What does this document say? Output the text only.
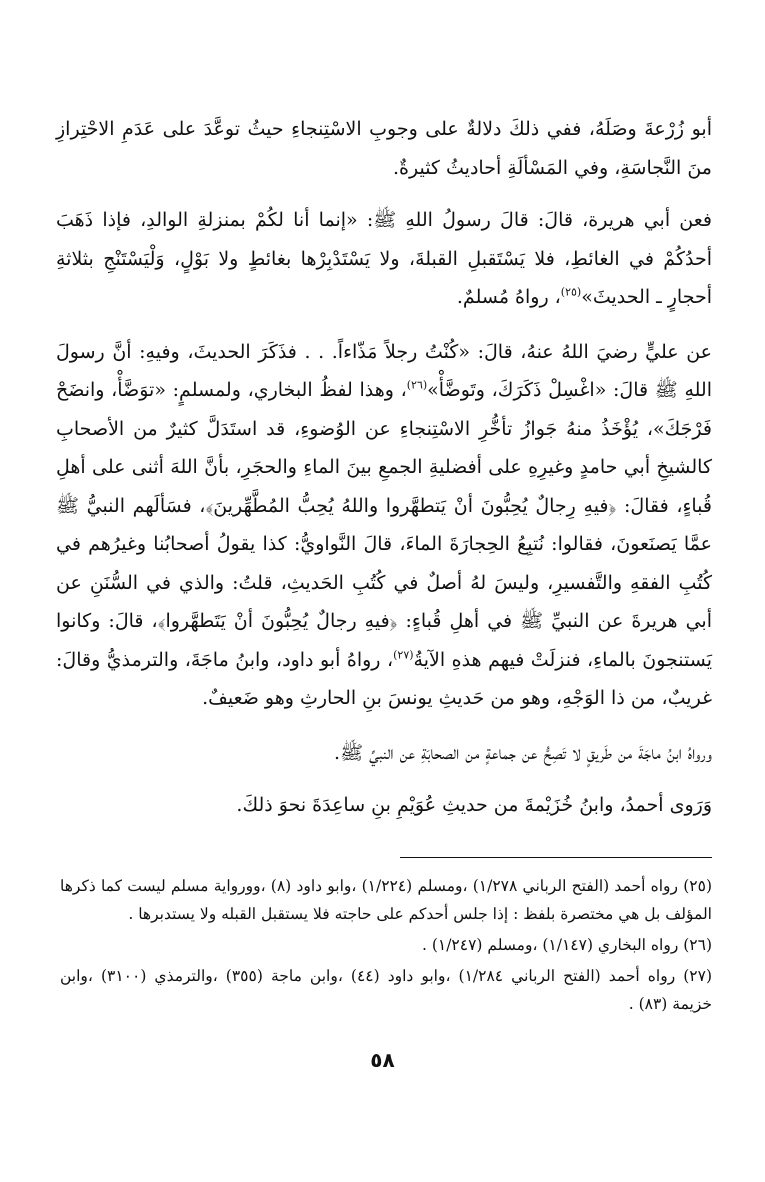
أبو زُرْعةَ وصَلَهُ، ففي ذلكَ دلالةٌ على وجوبِ الاسْتِنجاءِ حيثُ توعَّدَ على عَدَمِ الاحْتِرازِ منَ النَّجاسَةِ، وفي المَسْألَةِ أحاديثُ كثيرةٌ.

فعن أبي هريرة، قالَ: قالَ رسولُ اللهِ ﷺ: «إنما أنا لكُمْ بمنزلةِ الوالدِ، فإذا ذَهَبَ أحدُكُمْ في الغائطِ، فلا يَسْتَقبلِ القبلةَ، ولا يَسْتَدْبِرْها بغائطٍ ولا بَوْلٍ، وَلْيَسْتَنْجِ بثلاثةِ أحجارٍ ـ الحديثَ»$^{(٢٥)}$، رواهُ مُسلمٌ.

عن عليٍّ رضيَ اللهُ عنهُ، قالَ: «كُنْتُ رجلاً مَذّاءاً. . . فذَكَرَ الحديثَ، وفيهِ: أنَّ رسولَ اللهِ ﷺ قالَ: «اغْسِلْ ذَكَرَكَ، وتَوضَّأْ»$^{(٢٦)}$، وهذا لفظُ البخاري، ولمسلمٍ: «توَضَّأْ، وانضَحْ فَرْجَكَ»، يُؤْخَذُ منهُ جَوازُ تأخُّرِ الاسْتِنجاءِ عن الوُضوءِ، قد استَدَلَّ كثيرٌ من الأصحابِ كالشيخِ أبي حامدٍ وغيرِهِ على أفضليةِ الجمعِ بينَ الماءِ والحجَرِ، بأنَّ اللهَ أثنى على أهلِ قُباءٍ، فقالَ: ﴿فيهِ رِجالٌ يُحِبُّونَ أنْ يَتطهَّروا واللهُ يُحِبُّ المُطَّهِّرينَ﴾، فسَألَهم النبيُّ ﷺ عمَّا يَصنَعونَ، فقالوا: نُتبِعُ الحِجارَةَ الماءَ، قالَ النَّواويُّ: كذا يقولُ أصحابُنا وغيرُهم في كُتُبِ الفقهِ والتَّفسيرِ، وليسَ لهُ أصلٌ في كُتُبِ الحَديثِ، قلتُ: والذي في السُّنَنِ عن أبي هريرةَ عن النبيِّ ﷺ في أهلِ قُباءٍ: ﴿فيهِ رجالٌ يُحِبُّونَ أنْ يَتَطهَّروا﴾، قالَ: وكانوا يَستنجونَ بالماءِ، فنزلَتْ فيهم هذهِ الآيةُ$^{(٢٧)}$، رواهُ أبو داود، وابنُ ماجَةَ، والترمذيُّ وقالَ: غريبٌ، من ذا الوَجْهِ، وهو من حَديثِ يونسَ بنِ الحارثِ وهو ضَعيفٌ.

ورواهُ ابنُ ماجَةَ من طَريقٍ لا تَصِحُّ عن جماعةٍ من الصحابَةِ عن النبيِّ ﷺ.

وَرَوى أحمدُ، وابنُ خُزَيْمةَ من حديثِ عُوَيْمِ بنِ ساعِدَةَ نحوَ ذلكَ.

(٢٥) رواه أحمد (الفتح الرباني ١/٢٧٨) ،ومسلم (١/٢٢٤) ،وابو داود (٨) ،وورواية مسلم ليست كما ذكرها المؤلف بل هي مختصرة بلفظ : إذا جلس أحدكم على حاجته فلا يستقبل القبله ولا يستدبرها .

(٢٦) رواه البخاري (١/١٤٧) ،ومسلم (١/٢٤٧) .

(٢٧) رواه أحمد (الفتح الرباني ١/٢٨٤) ،وابو داود (٤٤) ،وابن ماجة (٣٥٥) ،والترمذي (٣١٠٠) ،وابن خزيمة (٨٣) .

٥٨
